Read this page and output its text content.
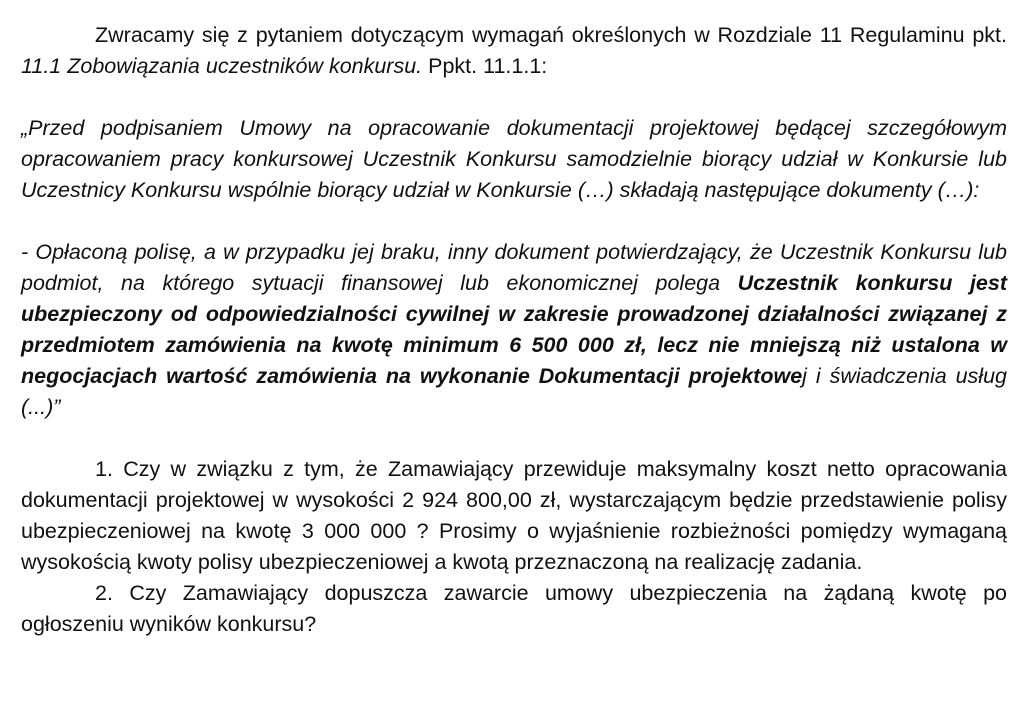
Zwracamy się z pytaniem dotyczącym wymagań określonych w Rozdziale 11 Regulaminu pkt. 11.1 Zobowiązania uczestników konkursu. Ppkt. 11.1.1:

„Przed podpisaniem Umowy na opracowanie dokumentacji projektowej będącej szczegółowym opracowaniem pracy konkursowej Uczestnik Konkursu samodzielnie biorący udział w Konkursie lub Uczestnicy Konkursu wspólnie biorący udział w Konkursie (…) składają następujące dokumenty (…):

- Opłaconą polisę, a w przypadku jej braku, inny dokument potwierdzający, że Uczestnik Konkursu lub podmiot, na którego sytuacji finansowej lub ekonomicznej polega Uczestnik konkursu jest ubezpieczony od odpowiedzialności cywilnej w zakresie prowadzonej działalności związanej z przedmiotem zamówienia na kwotę minimum 6 500 000 zł, lecz nie mniejszą niż ustalona w negocjacjach wartość zamówienia na wykonanie Dokumentacji projektowej i świadczenia usług (...)”

1. Czy w związku z tym, że Zamawiający przewiduje maksymalny koszt netto opracowania dokumentacji projektowej w wysokości 2 924 800,00 zł, wystarczającym będzie przedstawienie polisy ubezpieczeniowej na kwotę 3 000 000 ? Prosimy o wyjaśnienie rozbieżności pomiędzy wymaganą wysokością kwoty polisy ubezpieczeniowej a kwotą przeznaczoną na realizację zadania.

2. Czy Zamawiający dopuszcza zawarcie umowy ubezpieczenia na żądaną kwotę po ogłoszeniu wyników konkursu?
